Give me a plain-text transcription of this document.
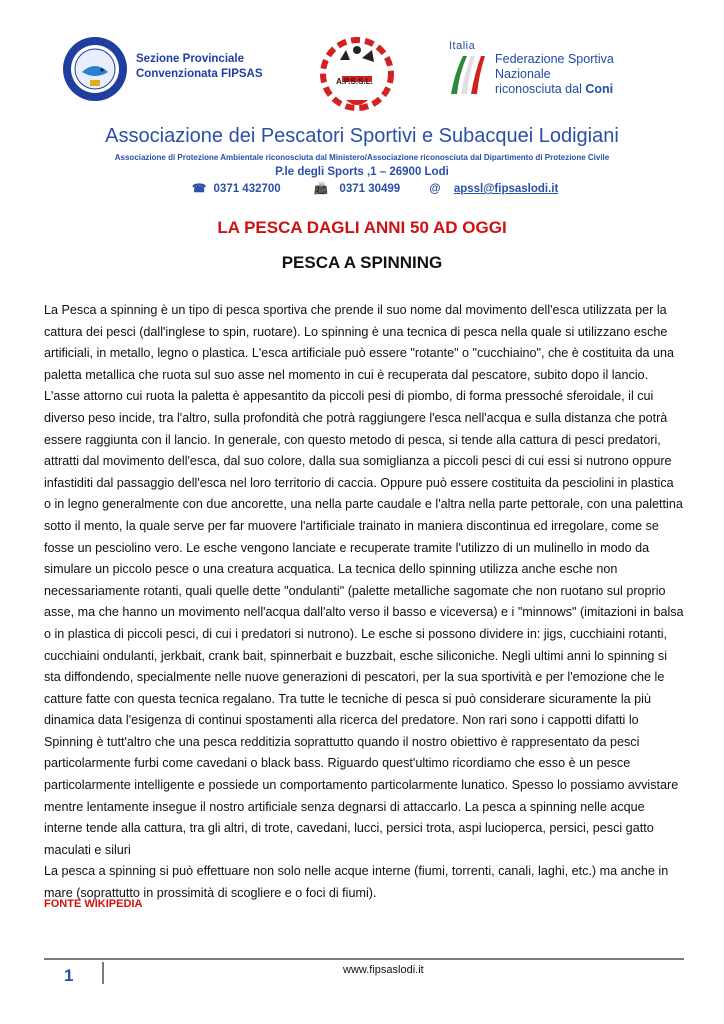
Sezione Provinciale
Convenzionata FIPSAS
A.P.S.S.L.
Italia
Federazione Sportiva Nazionale
riconosciuta dal Coni
Associazione dei Pescatori Sportivi e Subacquei Lodigiani
Associazione di Protezione Ambientale riconosciuta dal Ministero/Associazione riconosciuta dal Dipartimento di Protezione Civile
P.le degli Sports ,1 – 26900 Lodi
☎ 0371 432700	📠 0371 30499	@ apssl@fipsaslodi.it
LA PESCA DAGLI ANNI 50 AD OGGI
PESCA A SPINNING

La Pesca a spinning è un tipo di pesca sportiva che prende il suo nome dal movimento dell'esca utilizzata per la cattura dei pesci (dall'inglese to spin, ruotare). Lo spinning è una tecnica di pesca nella quale si utilizzano esche artificiali, in metallo, legno o plastica. L'esca artificiale può essere "rotante" o "cucchiaino", che è costituita da una paletta metallica che ruota sul suo asse nel momento in cui è recuperata dal pescatore, subito dopo il lancio.

L'asse attorno cui ruota la paletta è appesantito da piccoli pesi di piombo, di forma pressoché sferoidale, il cui diverso peso incide, tra l'altro, sulla profondità che potrà raggiungere l'esca nell'acqua e sulla distanza che potrà essere raggiunta con il lancio. In generale, con questo metodo di pesca, si tende alla cattura di pesci predatori, attratti dal movimento dell'esca, dal suo colore, dalla sua somiglianza a piccoli pesci di cui essi si nutrono oppure infastiditi dal passaggio dell'esca nel loro territorio di caccia. Oppure può essere costituita da pesciolini in plastica o in legno generalmente con due ancorette, una nella parte caudale e l'altra nella parte pettorale, con una palettina sotto il mento, la quale serve per far muovere l'artificiale trainato in maniera discontinua ed irregolare, come se fosse un pesciolino vero. Le esche vengono lanciate e recuperate tramite l'utilizzo di un mulinello in modo da simulare un piccolo pesce o una creatura acquatica. La tecnica dello spinning utilizza anche esche non necessariamente rotanti, quali quelle dette "ondulanti" (palette metalliche sagomate che non ruotano sul proprio asse, ma che hanno un movimento nell'acqua dall'alto verso il basso e viceversa) e i "minnows" (imitazioni in balsa o in plastica di piccoli pesci, di cui i predatori si nutrono). Le esche si possono dividere in: jigs, cucchiaini rotanti, cucchiaini ondulanti, jerkbait, crank bait, spinnerbait e buzzbait, esche siliconiche. Negli ultimi anni lo spinning si sta diffondendo, specialmente nelle nuove generazioni di pescatori, per la sua sportività e per l'emozione che le catture fatte con questa tecnica regalano. Tra tutte le tecniche di pesca si può considerare sicuramente la più dinamica data l'esigenza di continui spostamenti alla ricerca del predatore. Non rari sono i cappotti difatti lo Spinning è tutt'altro che una pesca redditizia soprattutto quando il nostro obiettivo è rappresentato da pesci particolarmente furbi come cavedani o black bass. Riguardo quest'ultimo ricordiamo che esso è un pesce particolarmente intelligente e possiede un comportamento particolarmente lunatico. Spesso lo possiamo avvistare mentre lentamente insegue il nostro artificiale senza degnarsi di attaccarlo. La pesca a spinning nelle acque interne tende alla cattura, tra gli altri, di trote, cavedani, lucci, persici trota, aspi lucioperca, persici, pesci gatto maculati e siluri

La pesca a spinning si può effettuare non solo nelle acque interne (fiumi, torrenti, canali, laghi, etc.) ma anche in mare (soprattutto in prossimità di scogliere e o foci di fiumi).

FONTE WIKIPEDIA
1	www.fipsaslodi.it
